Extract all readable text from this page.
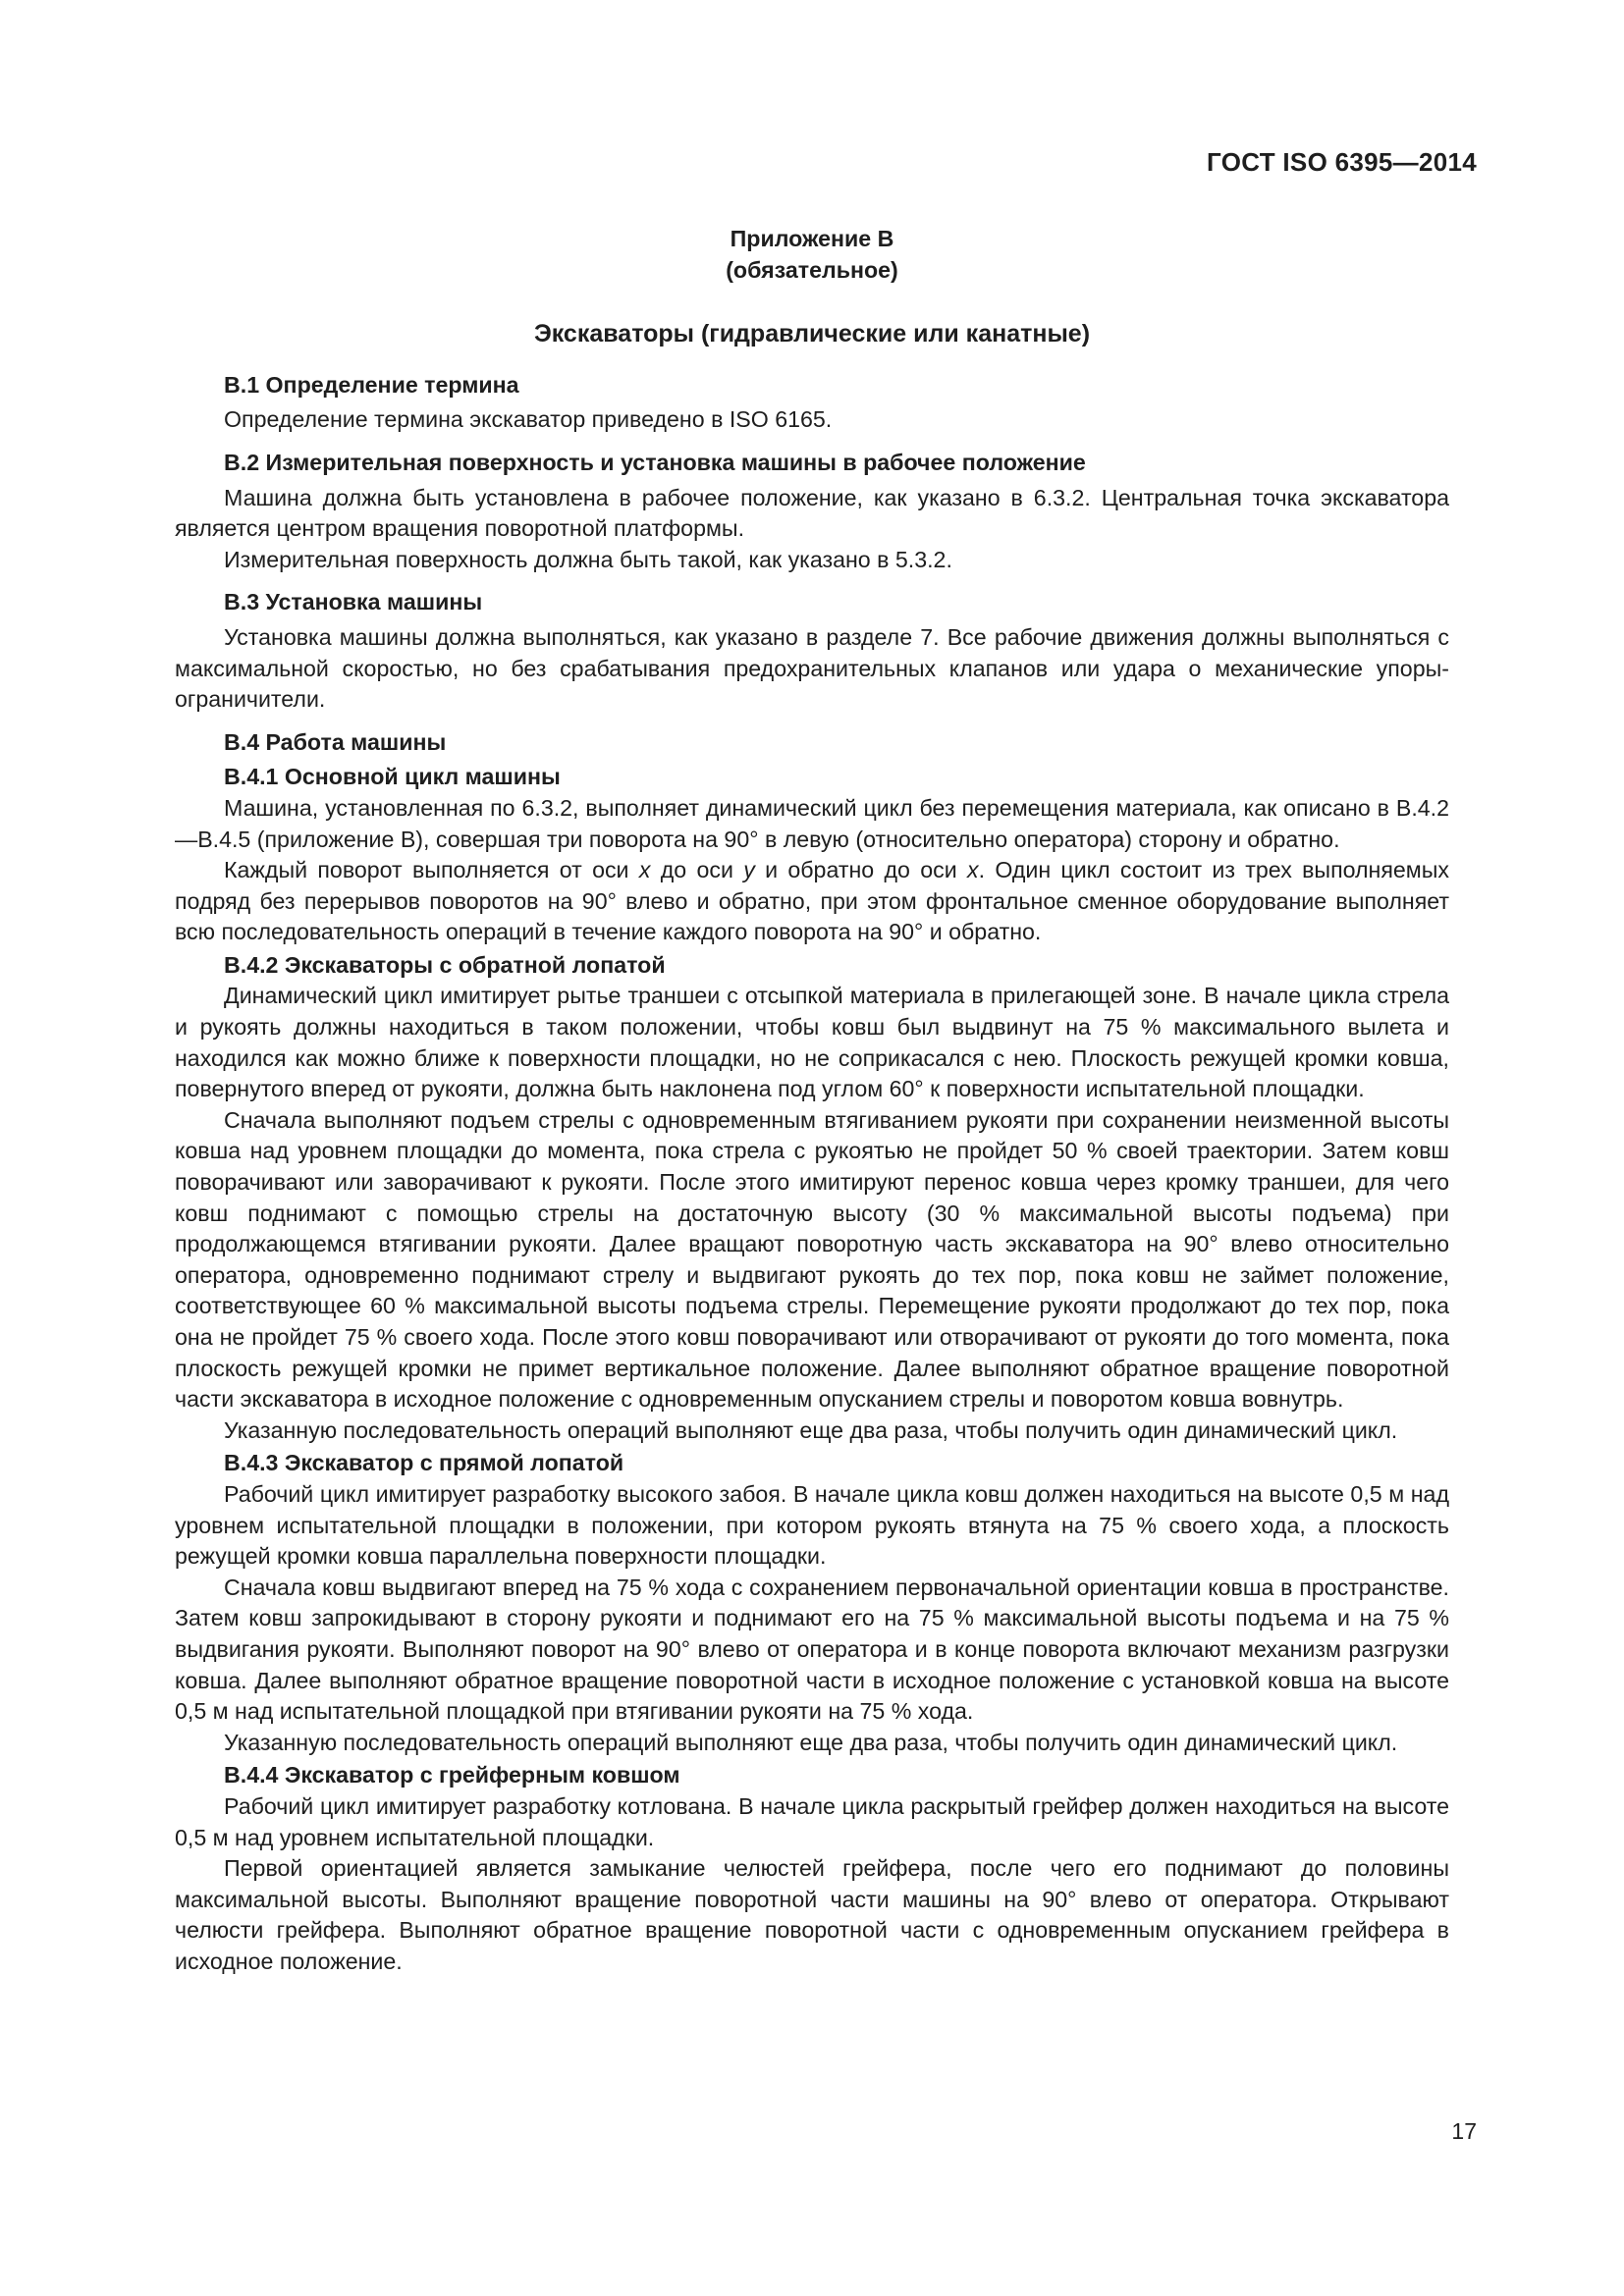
ГОСТ ISO 6395—2014

Приложение В

(обязательное)

Экскаваторы (гидравлические или канатные)

В.1 Определение термина

Определение термина экскаватор приведено в ISO 6165.

В.2 Измерительная поверхность и установка машины в рабочее положение

Машина должна быть установлена в рабочее положение, как указано в 6.3.2. Центральная точка экскаватора является центром вращения поворотной платформы.

Измерительная поверхность должна быть такой, как указано в 5.3.2.

В.3 Установка машины

Установка машины должна выполняться, как указано в разделе 7. Все рабочие движения должны выполняться с максимальной скоростью, но без срабатывания предохранительных клапанов или удара о механические упоры-ограничители.

В.4 Работа машины

В.4.1 Основной цикл машины

Машина, установленная по 6.3.2, выполняет динамический цикл без перемещения материала, как описано в В.4.2—В.4.5 (приложение В), совершая три поворота на 90° в левую (относительно оператора) сторону и обратно.

Каждый поворот выполняется от оси x до оси y и обратно до оси x. Один цикл состоит из трех выполняемых подряд без перерывов поворотов на 90° влево и обратно, при этом фронтальное сменное оборудование выполняет всю последовательность операций в течение каждого поворота на 90° и обратно.

В.4.2 Экскаваторы с обратной лопатой

Динамический цикл имитирует рытье траншеи с отсыпкой материала в прилегающей зоне. В начале цикла стрела и рукоять должны находиться в таком положении, чтобы ковш был выдвинут на 75 % максимального вылета и находился как можно ближе к поверхности площадки, но не соприкасался с нею. Плоскость режущей кромки ковша, повернутого вперед от рукояти, должна быть наклонена под углом 60° к поверхности испытательной площадки.

Сначала выполняют подъем стрелы с одновременным втягиванием рукояти при сохранении неизменной высоты ковша над уровнем площадки до момента, пока стрела с рукоятью не пройдет 50 % своей траектории. Затем ковш поворачивают или заворачивают к рукояти. После этого имитируют перенос ковша через кромку траншеи, для чего ковш поднимают с помощью стрелы на достаточную высоту (30 % максимальной высоты подъема) при продолжающемся втягивании рукояти. Далее вращают поворотную часть экскаватора на 90° влево относительно оператора, одновременно поднимают стрелу и выдвигают рукоять до тех пор, пока ковш не займет положение, соответствующее 60 % максимальной высоты подъема стрелы. Перемещение рукояти продолжают до тех пор, пока она не пройдет 75 % своего хода. После этого ковш поворачивают или отворачивают от рукояти до того момента, пока плоскость режущей кромки не примет вертикальное положение. Далее выполняют обратное вращение поворотной части экскаватора в исходное положение с одновременным опусканием стрелы и поворотом ковша вовнутрь.

Указанную последовательность операций выполняют еще два раза, чтобы получить один динамический цикл.

В.4.3 Экскаватор с прямой лопатой

Рабочий цикл имитирует разработку высокого забоя. В начале цикла ковш должен находиться на высоте 0,5 м над уровнем испытательной площадки в положении, при котором рукоять втянута на 75 % своего хода, а плоскость режущей кромки ковша параллельна поверхности площадки.

Сначала ковш выдвигают вперед на 75 % хода с сохранением первоначальной ориентации ковша в пространстве. Затем ковш запрокидывают в сторону рукояти и поднимают его на 75 % максимальной высоты подъема и на 75 % выдвигания рукояти. Выполняют поворот на 90° влево от оператора и в конце поворота включают механизм разгрузки ковша. Далее выполняют обратное вращение поворотной части в исходное положение с установкой ковша на высоте 0,5 м над испытательной площадкой при втягивании рукояти на 75 % хода.

Указанную последовательность операций выполняют еще два раза, чтобы получить один динамический цикл.

В.4.4 Экскаватор с грейферным ковшом

Рабочий цикл имитирует разработку котлована. В начале цикла раскрытый грейфер должен находиться на высоте 0,5 м над уровнем испытательной площадки.

Первой ориентацией является замыкание челюстей грейфера, после чего его поднимают до половины максимальной высоты. Выполняют вращение поворотной части машины на 90° влево от оператора. Открывают челюсти грейфера. Выполняют обратное вращение поворотной части с одновременным опусканием грейфера в исходное положение.

17
